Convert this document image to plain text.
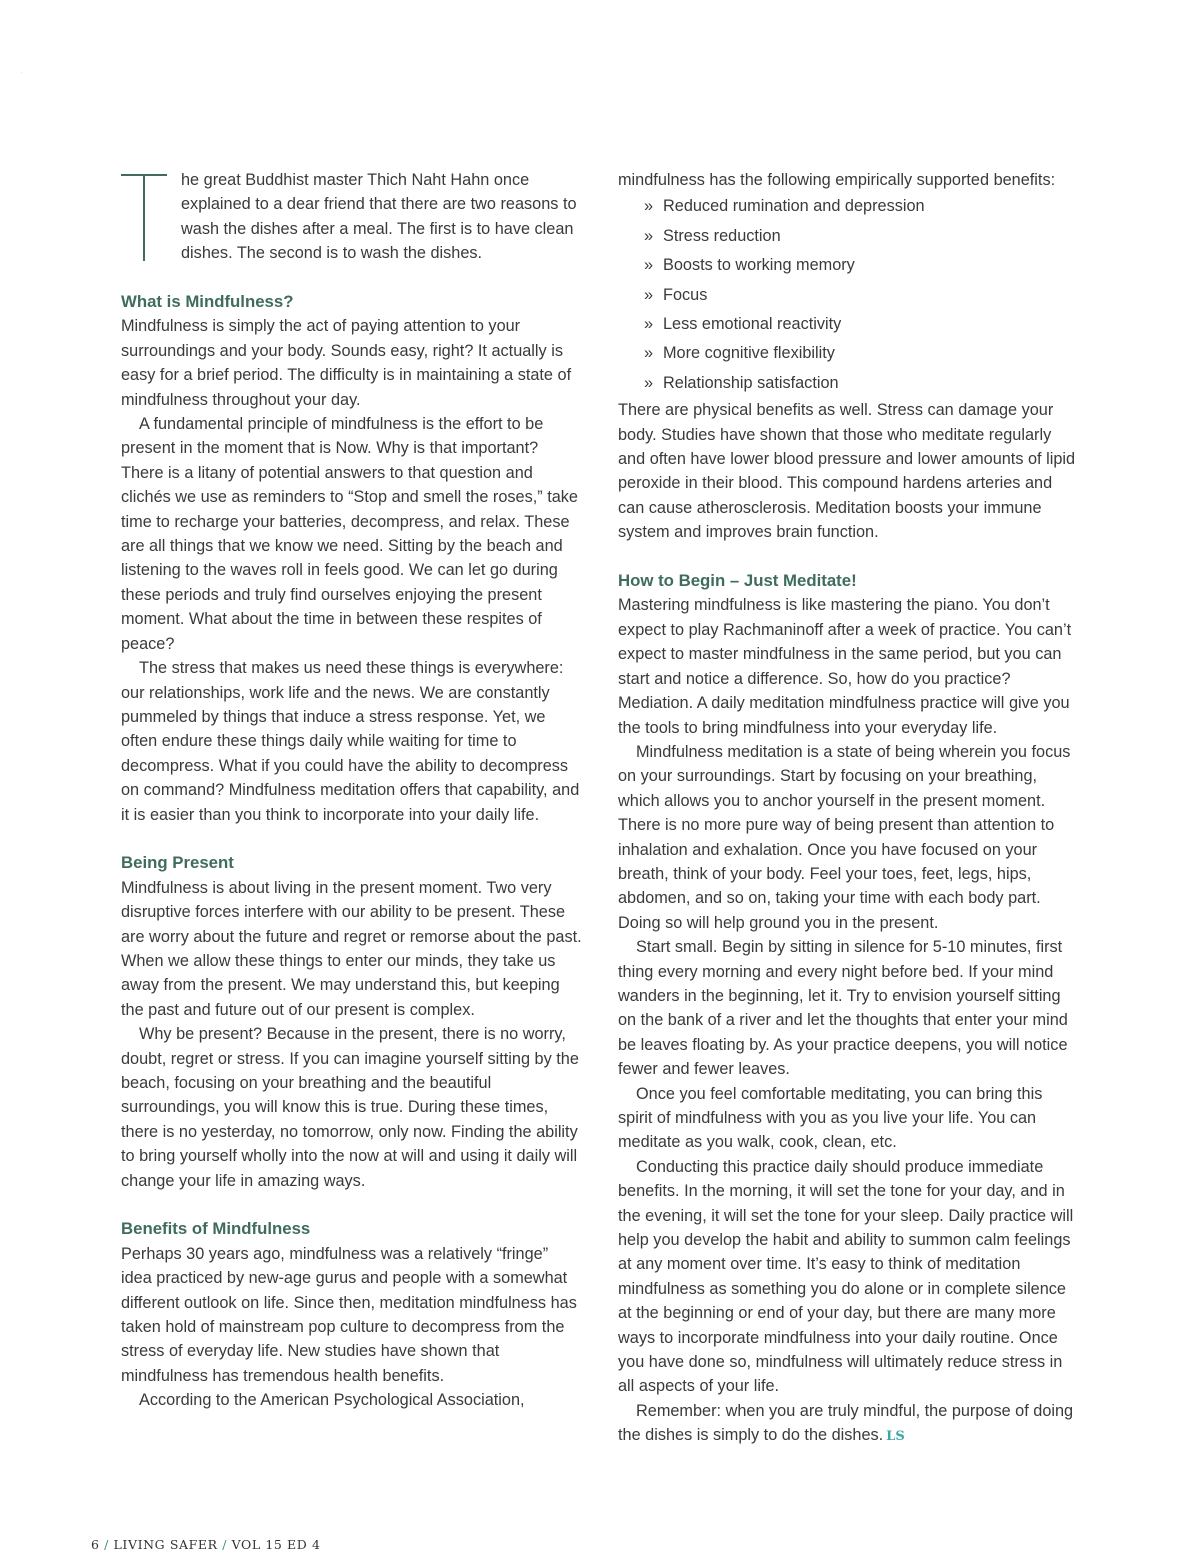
T

he great Buddhist master Thich Naht Hahn once explained to a dear friend that there are two reasons to wash the dishes after a meal. The first is to have clean dishes. The second is to wash the dishes.

What is Mindfulness?

Mindfulness is simply the act of paying attention to your surroundings and your body. Sounds easy, right? It actually is easy for a brief period. The difficulty is in maintaining a state of mindfulness throughout your day.

A fundamental principle of mindfulness is the effort to be present in the moment that is Now. Why is that important? There is a litany of potential answers to that question and clichés we use as reminders to “Stop and smell the roses,” take time to recharge your batteries, decompress, and relax. These are all things that we know we need. Sitting by the beach and listening to the waves roll in feels good. We can let go during these periods and truly find ourselves enjoying the present moment. What about the time in between these respites of peace?

The stress that makes us need these things is everywhere: our relationships, work life and the news. We are constantly pummeled by things that induce a stress response. Yet, we often endure these things daily while waiting for time to decompress. What if you could have the ability to decompress on command? Mindfulness meditation offers that capability, and it is easier than you think to incorporate into your daily life.

Being Present

Mindfulness is about living in the present moment. Two very disruptive forces interfere with our ability to be present. These are worry about the future and regret or remorse about the past. When we allow these things to enter our minds, they take us away from the present. We may understand this, but keeping the past and future out of our present is complex.

Why be present? Because in the present, there is no worry, doubt, regret or stress. If you can imagine yourself sitting by the beach, focusing on your breathing and the beautiful surroundings, you will know this is true. During these times, there is no yesterday, no tomorrow, only now. Finding the ability to bring yourself wholly into the now at will and using it daily will change your life in amazing ways.

Benefits of Mindfulness

Perhaps 30 years ago, mindfulness was a relatively “fringe” idea practiced by new-age gurus and people with a somewhat different outlook on life. Since then, meditation mindfulness has taken hold of mainstream pop culture to decompress from the stress of everyday life. New studies have shown that mindfulness has tremendous health benefits.

According to the American Psychological Association,

mindfulness has the following empirically supported benefits:

» Reduced rumination and depression
» Stress reduction
» Boosts to working memory
» Focus
» Less emotional reactivity
» More cognitive flexibility
» Relationship satisfaction

There are physical benefits as well. Stress can damage your body. Studies have shown that those who meditate regularly and often have lower blood pressure and lower amounts of lipid peroxide in their blood. This compound hardens arteries and can cause atherosclerosis. Meditation boosts your immune system and improves brain function.

How to Begin – Just Meditate!

Mastering mindfulness is like mastering the piano. You don’t expect to play Rachmaninoff after a week of practice. You can’t expect to master mindfulness in the same period, but you can start and notice a difference. So, how do you practice? Mediation. A daily meditation mindfulness practice will give you the tools to bring mindfulness into your everyday life.

Mindfulness meditation is a state of being wherein you focus on your surroundings. Start by focusing on your breathing, which allows you to anchor yourself in the present moment. There is no more pure way of being present than attention to inhalation and exhalation. Once you have focused on your breath, think of your body. Feel your toes, feet, legs, hips, abdomen, and so on, taking your time with each body part. Doing so will help ground you in the present.

Start small. Begin by sitting in silence for 5-10 minutes, first thing every morning and every night before bed. If your mind wanders in the beginning, let it. Try to envision yourself sitting on the bank of a river and let the thoughts that enter your mind be leaves floating by. As your practice deepens, you will notice fewer and fewer leaves.

Once you feel comfortable meditating, you can bring this spirit of mindfulness with you as you live your life. You can meditate as you walk, cook, clean, etc.

Conducting this practice daily should produce immediate benefits. In the morning, it will set the tone for your day, and in the evening, it will set the tone for your sleep. Daily practice will help you develop the habit and ability to summon calm feelings at any moment over time. It’s easy to think of meditation mindfulness as something you do alone or in complete silence at the beginning or end of your day, but there are many more ways to incorporate mindfulness into your daily routine. Once you have done so, mindfulness will ultimately reduce stress in all aspects of your life.

Remember: when you are truly mindful, the purpose of doing the dishes is simply to do the dishes. LS

6 / LIVING SAFER / VOL 15 ED 4
